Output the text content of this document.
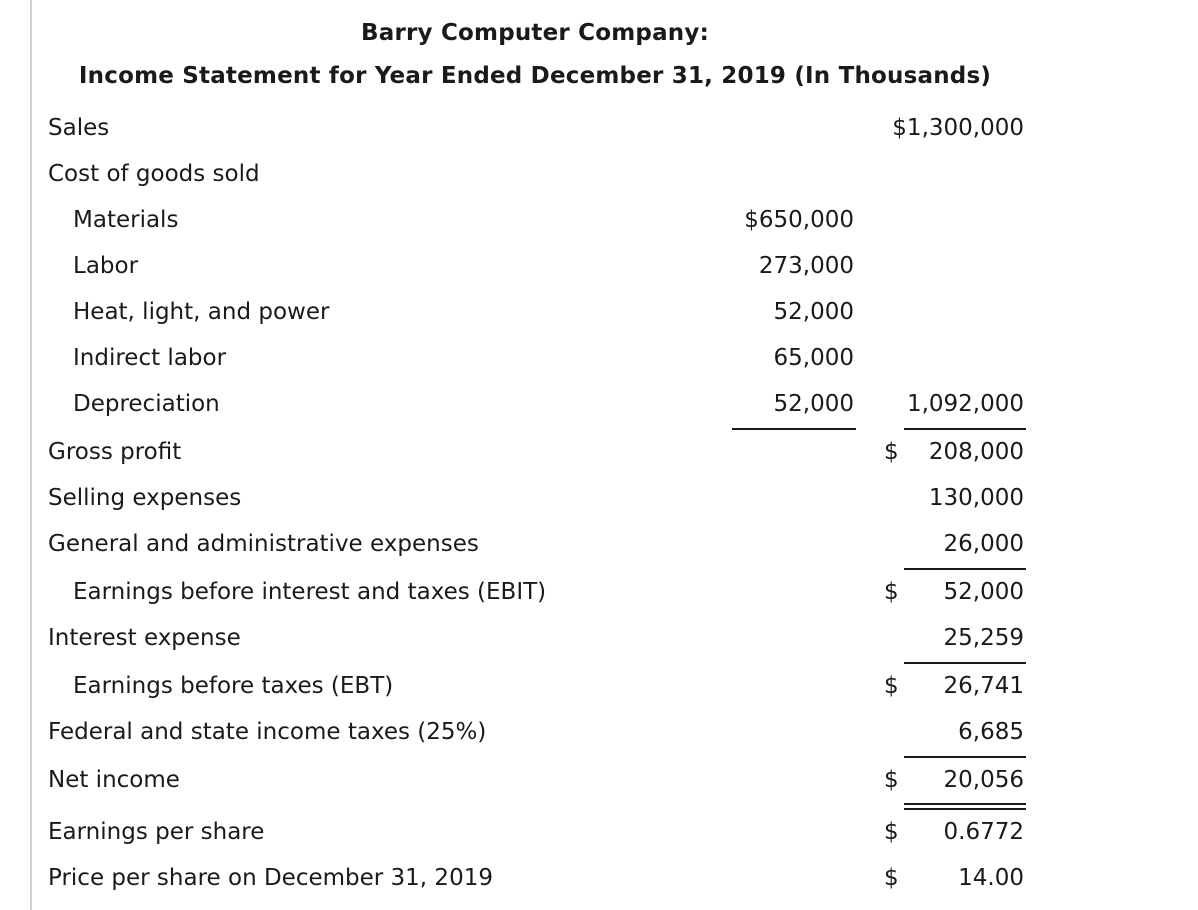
Barry Computer Company:
Income Statement for Year Ended December 31, 2019 (In Thousands)
Sales	$1,300,000
Cost of goods sold
Materials	$650,000
Labor	273,000
Heat, light, and power	52,000
Indirect labor	65,000
Depreciation	52,000 1,092,000
Gross profit	$ 208,000
Selling expenses	130,000
General and administrative expenses	26,000
Earnings before interest and taxes (EBIT)	$ 52,000
Interest expense	25,259
Earnings before taxes (EBT)	$ 26,741
Federal and state income taxes (25%)	6,685
Net income	$ 20,056
Earnings per share	$ 0.6772
Price per share on December 31, 2019	$	14.00
